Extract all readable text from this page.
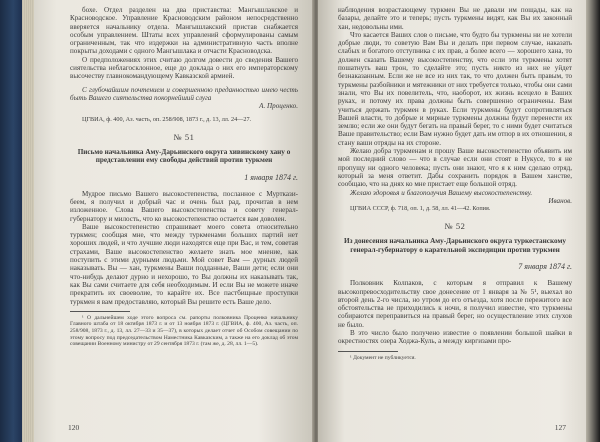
бохе. Отдел разделен на два приставства: Мангышлакское и Красноводское. Управление Красноводским районом непосредственно вверяется начальнику отдела. Мангышлакский пристав снабжается особым управлением. Штаты всех управлений сформулированы самым ограниченным, так что издержки на административную часть вполне покрыты доходами с одного Мангышлака и отчасти Красноводска.

О предположениях этих считаю долгом довести до сведения Вашего сиятельства неблагосклонное, еще до доклада о них его императорскому высочеству главнокомандующему Кавказской армией.

С глубочайшим почтением и совершенною преданностью имею честь быть Вашего сиятельства покорнейший слуга

А. Проценко.

ЦГВИА, ф. 400, Аз. часть, оп. 258/908, 1873 г., д. 13, лл. 24—27.

№ 51
Письмо начальника Аму-Дарьинского округа хивинскому хану о представлении ему свободы действий против туркмен
1 января 1874 г.

Мудрое письмо Вашего высокостепенства, посланное с Мурткази-беем, я получил и добрый час и очень был рад, прочитав в нем изложенное. Слова Вашего высокостепенства и совету генерал-губернатору и милость, что ко высокостепенство остается вам доволен.

Ваше высокостепенство спрашивает моего совета относительно туркмен; сообщая мне, что между туркменами больших партий нет хороших людей, и что лучшие люди находятся еще при Вас, и тем, советая страхами, Ваше высокостепенство желаете знать мое мнение, как поступить с этими дурными людьми. Мой совет Вам — дурных людей наказывать. Вы — хан, туркмены Ваши подданные, Ваши дети; если они что-нибудь делают дурно и нехорошо, то Вы должны их наказывать так, как Вы сами считаете для себя необходимым. И если Вы не можете иначе прекратить их своеволие, то карайте их. Все пастбищные проступки туркмен я вам предоставляю, который Вы решите есть Ваше дело.

¹ О дальнейшем ходе этого вопроса см. рапорты полковника Проценко начальнику Главного штаба от 18 октября 1873 г. и от 13 ноября 1873 г. (ЦГВИА, ф. 400, Аз. часть, оп. 258/908, 1873 г., д. 13, лл. 27—33 и 35—37), в которых делает отчет об Особом совещании по этому вопросу под председательством Наместника Кавказским, а также на его доклад об этом совещании Военному министру от 29 сентября 1873 г. (там же, д. 28, лл. 1—5).

120

наблюдения возрастающему туркмен Вы не давали им пощады, как на базары, делайте это и теперь; пусть туркмены видят, как Вы их законный хан, недовольны ими.

Что касается Ваших слов о письме, что будто бы туркмены ни не хотели добрые люди, то советую Вам Вы и делать при первом случае, наказать слабых и богатого отступника с их прав, а более всего — хорошего хана, то должен сказать Вашему высокостепенству, что если эти туркмены хотят пошатнуть ваш трон, то сделайте это; пусть никто из них не уйдет безнаказанным. Если же не все из них так, то что должен быть правым, то туркмены разбойники и мятежники от них требуется только, чтобы они сами знали, что Вы их повелитель, что, наоборот, их жизнь всецело в Ваших руках, и потому их права должны быть совершенно ограничены. Вам учиться держать туркмен в руках. Если туркмены будут сопротивляться Вашей власти, то добрые и мирные туркмены должны будут перенести их землю; если же они будут бегать на правый берег, то с ними будет считаться Ваше правительство; если Вам нужно будет дать им отпор в их отношении, я стану ваши отряды на их стороне.

Желаю добра туркменам и прошу Ваше высокостепенство объявить им мой последний слово — что в случае если они стоят в Нукусе, то я не пропущу ни одного человека; пусть они знают, что я к ним сделаю отряд, который за меня ответит. Дабы сохранить порядок в Вашем ханстве, сообщаю, что на днях ко мне пристает еще большой отряд.

Желаю здоровья и благополучия Вашему высокостепенству.

Иванов.

ЦГВИА СССР, ф. 718, оп. 1, д. 58, лл. 41—42. Копия.

№ 52
Из донесения начальника Аму-Дарьинского округа туркестанскому генерал-губернатору о карательной экспедиции против туркмен
7 января 1874 г.

Полковник Колпаков, с которым я отправил к Вашему высокопревосходительству свое донесение от 1 января за № 5¹, выехал во второй день 2-го числа, но утром до его отъезда, хотя после пережитого все обстоятельства не приходились к ночи, я получил известие, что туркмены собираются переправиться на правый берег, но осуществление этих слухов не было.

В это число было получено известие о появлении большой шайки в окрестностях озера Ходжа-Куль, а между киргизами про-

¹ Документ не публикуется.

127
